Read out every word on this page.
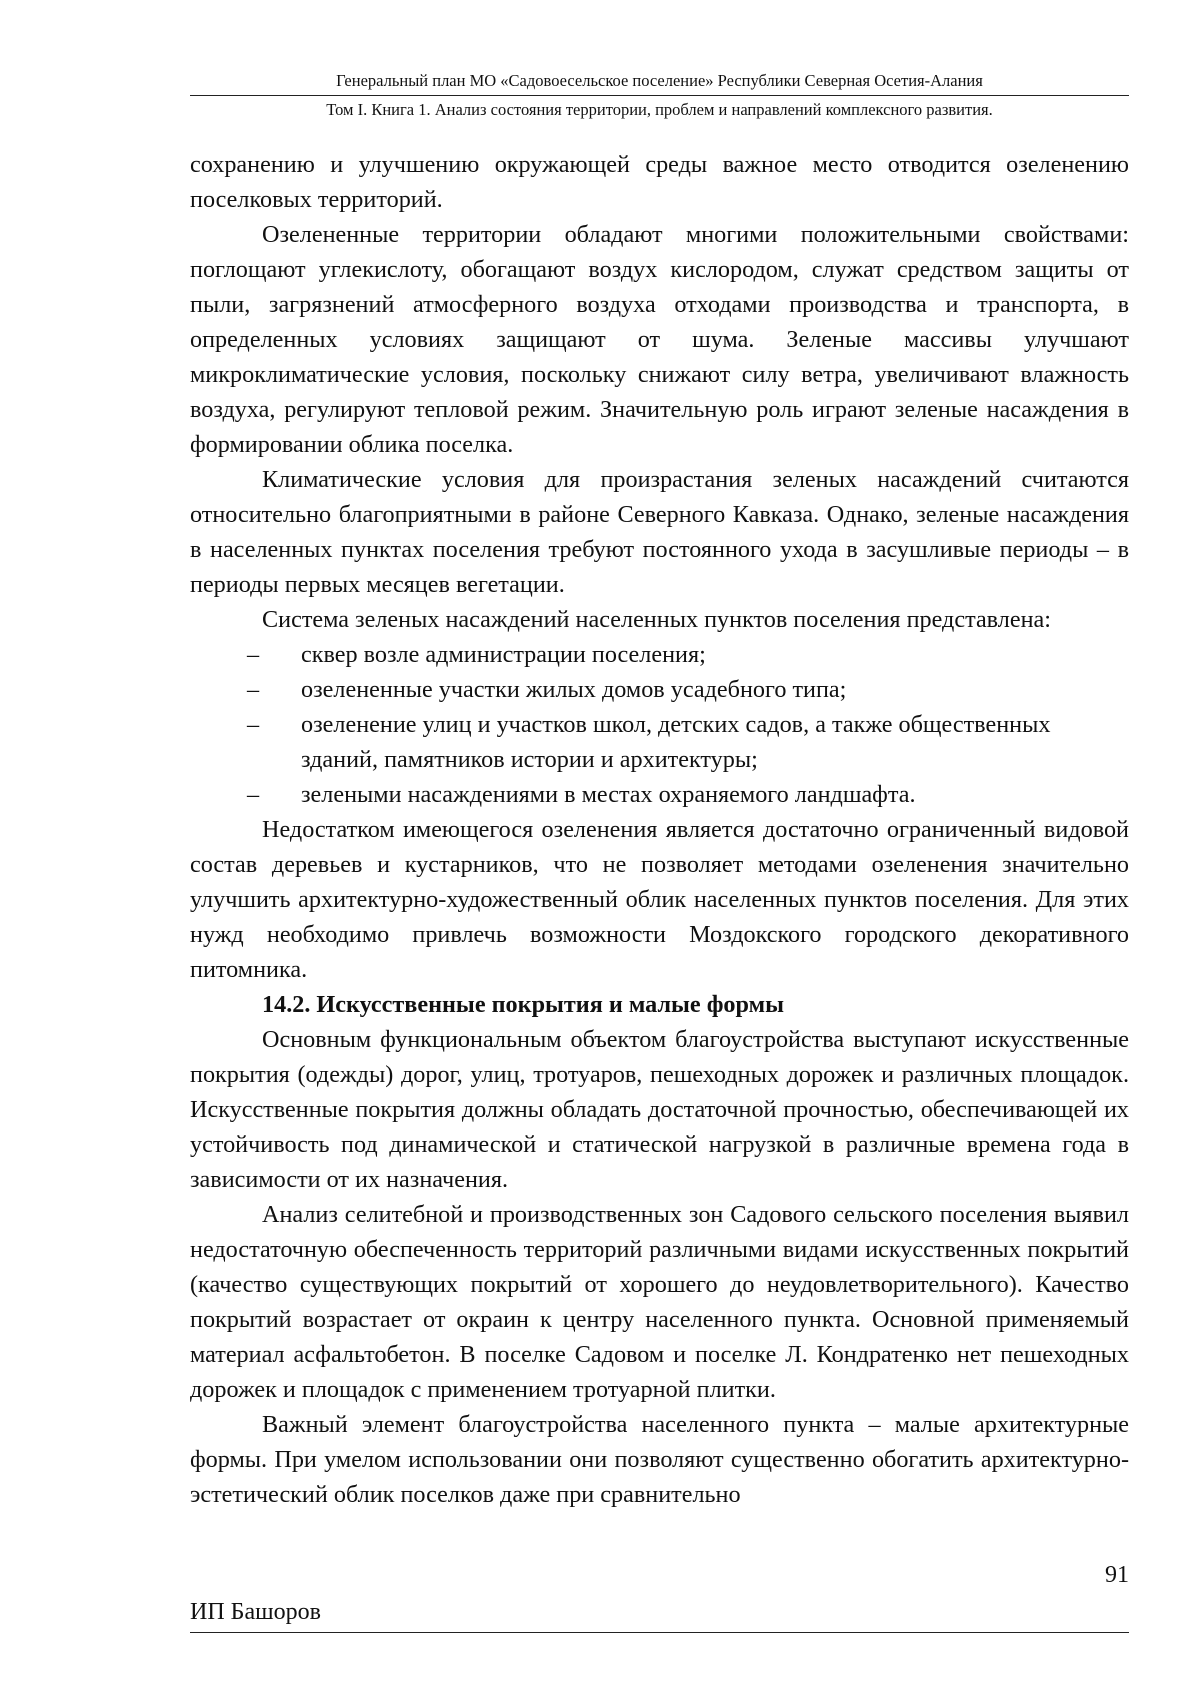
Генеральный план МО «Садовоесельское поселение» Республики Северная Осетия-Алания
Том I. Книга 1. Анализ состояния территории, проблем и направлений комплексного развития.

сохранению и улучшению окружающей среды важное место отводится озеленению поселковых территорий.

Озелененные территории обладают многими положительными свойствами: поглощают углекислоту, обогащают воздух кислородом, служат средством защиты от пыли, загрязнений атмосферного воздуха отходами производства и транспорта, в определенных условиях защищают от шума. Зеленые массивы улучшают микроклиматические условия, поскольку снижают силу ветра, увеличивают влажность воздуха, регулируют тепловой режим. Значительную роль играют зеленые насаждения в формировании облика поселка.

Климатические условия для произрастания зеленых насаждений считаются относительно благоприятными в районе Северного Кавказа. Однако, зеленые насаждения в населенных пунктах поселения требуют постоянного ухода в засушливые периоды – в периоды первых месяцев вегетации.

Система зеленых насаждений населенных пунктов поселения представлена:

– сквер возле администрации поселения;
– озелененные участки жилых домов усадебного типа;
– озеленение улиц и участков школ, детских садов, а также общественных зданий, памятников истории и архитектуры;
– зелеными насаждениями в местах охраняемого ландшафта.

Недостатком имеющегося озеленения является достаточно ограниченный видовой состав деревьев и кустарников, что не позволяет методами озеленения значительно улучшить архитектурно-художественный облик населенных пунктов поселения. Для этих нужд необходимо привлечь возможности Моздокского городского декоративного питомника.

14.2. Искусственные покрытия и малые формы

Основным функциональным объектом благоустройства выступают искусственные покрытия (одежды) дорог, улиц, тротуаров, пешеходных дорожек и различных площадок. Искусственные покрытия должны обладать достаточной прочностью, обеспечивающей их устойчивость под динамической и статической нагрузкой в различные времена года в зависимости от их назначения.

Анализ селитебной и производственных зон Садового сельского поселения выявил недостаточную обеспеченность территорий различными видами искусственных покрытий (качество существующих покрытий от хорошего до неудовлетворительного). Качество покрытий возрастает от окраин к центру населенного пункта. Основной применяемый материал асфальтобетон. В поселке Садовом и поселке Л. Кондратенко нет пешеходных дорожек и площадок с применением тротуарной плитки.

Важный элемент благоустройства населенного пункта – малые архитектурные формы. При умелом использовании они позволяют существенно обогатить архитектурно-эстетический облик поселков даже при сравнительно

91
ИП Башоров
